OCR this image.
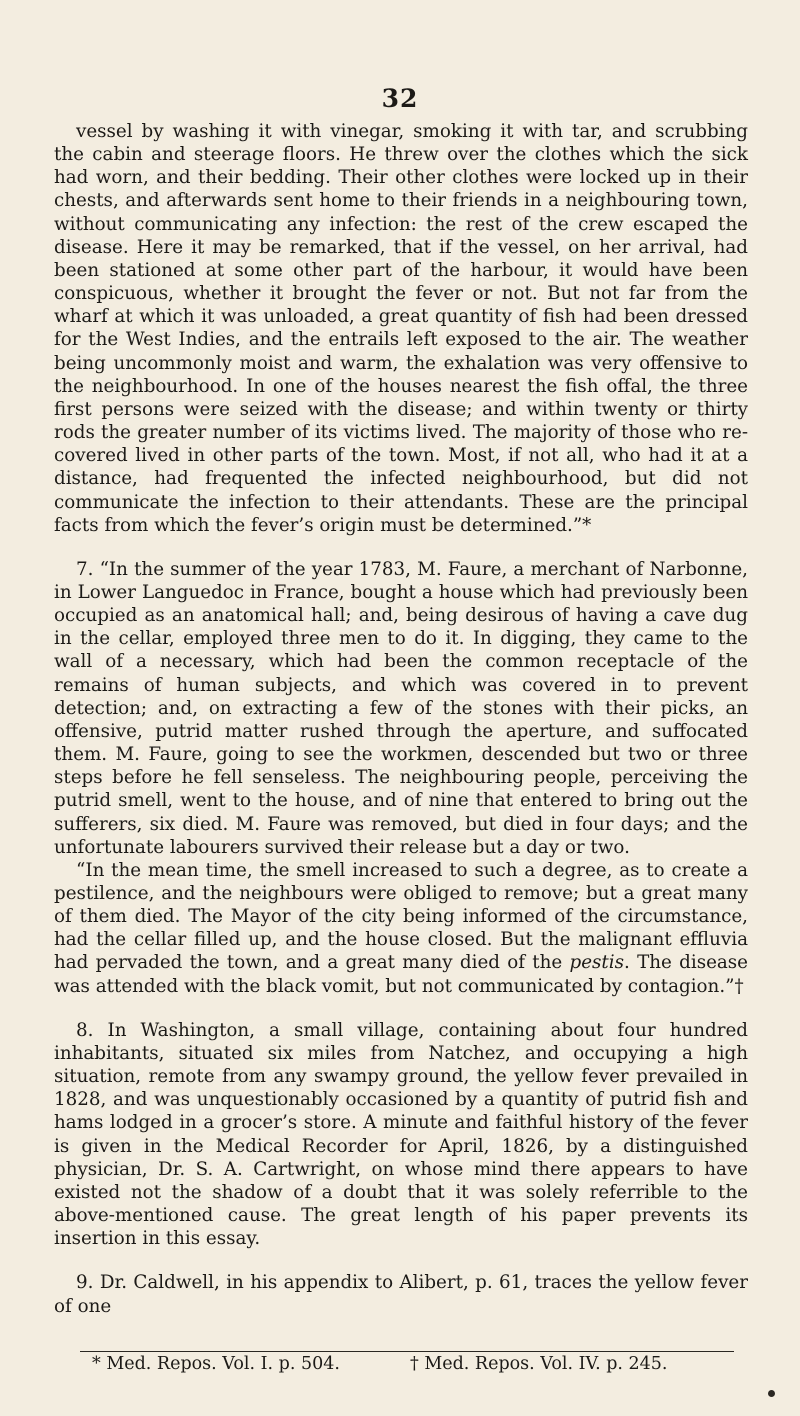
32

vessel by washing it with vinegar, smoking it with tar, and scrubbing the cabin and steerage floors. He threw over the clothes which the sick had worn, and their bedding. Their other clothes were locked up in their chests, and afterwards sent home to their friends in a neighbouring town, without communicating any infection: the rest of the crew escaped the disease. Here it may be remarked, that if the vessel, on her arrival, had been stationed at some other part of the harbour, it would have been conspicuous, whether it brought the fever or not. But not far from the wharf at which it was unloaded, a great quantity of fish had been dressed for the West Indies, and the entrails left exposed to the air. The weather being uncommonly moist and warm, the exhalation was very offensive to the neighbourhood. In one of the houses nearest the fish offal, the three first persons were seized with the disease; and within twenty or thirty rods the greater number of its victims lived. The majority of those who recovered lived in other parts of the town. Most, if not all, who had it at a distance, had frequented the infected neighbourhood, but did not communicate the infection to their attendants. These are the principal facts from which the fever’s origin must be determined.”*

7. “In the summer of the year 1783, M. Faure, a merchant of Narbonne, in Lower Languedoc in France, bought a house which had previously been occupied as an anatomical hall; and, being desirous of having a cave dug in the cellar, employed three men to do it. In digging, they came to the wall of a necessary, which had been the common receptacle of the remains of human subjects, and which was covered in to prevent detection; and, on extracting a few of the stones with their picks, an offensive, putrid matter rushed through the aperture, and suffocated them. M. Faure, going to see the workmen, descended but two or three steps before he fell senseless. The neighbouring people, perceiving the putrid smell, went to the house, and of nine that entered to bring out the sufferers, six died. M. Faure was removed, but died in four days; and the unfortunate labourers survived their release but a day or two.

“In the mean time, the smell increased to such a degree, as to create a pestilence, and the neighbours were obliged to remove; but a great many of them died. The Mayor of the city being informed of the circumstance, had the cellar filled up, and the house closed. But the malignant effluvia had pervaded the town, and a great many died of the pestis. The disease was attended with the black vomit, but not communicated by contagion.”†

8. In Washington, a small village, containing about four hundred inhabitants, situated six miles from Natchez, and occupying a high situation, remote from any swampy ground, the yellow fever prevailed in 1828, and was unquestionably occasioned by a quantity of putrid fish and hams lodged in a grocer’s store. A minute and faithful history of the fever is given in the Medical Recorder for April, 1826, by a distinguished physician, Dr. S. A. Cartwright, on whose mind there appears to have existed not the shadow of a doubt that it was solely referrible to the above-mentioned cause. The great length of his paper prevents its insertion in this essay.

9. Dr. Caldwell, in his appendix to Alibert, p. 61, traces the yellow fever of one

* Med. Repos. Vol. I. p. 504.	† Med. Repos. Vol. IV. p. 245.
